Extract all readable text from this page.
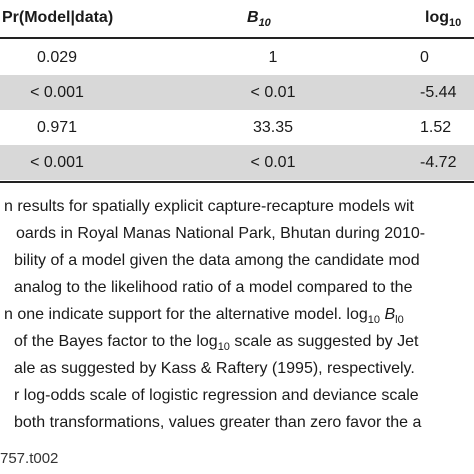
Pr(Model|data)	$B_{10}$	$\log_{10}$
0.029	1	0
< 0.001	< 0.01	-5.44
0.971	33.35	1.52
< 0.001	< 0.01	-4.72
n results for spatially explicit capture-recapture models wit
oards in Royal Manas National Park, Bhutan during 2010-
bility of a model given the data among the candidate mod
analog to the likelihood ratio of a model compared to the
n one indicate support for the alternative model. $\log_{10} B_{l0}$
of the Bayes factor to the $\log_{10}$ scale as suggested by Jet
ale as suggested by Kass & Raftery (1995), respectively.
r log-odds scale of logistic regression and deviance scale
both transformations, values greater than zero favor the a
757.t002
